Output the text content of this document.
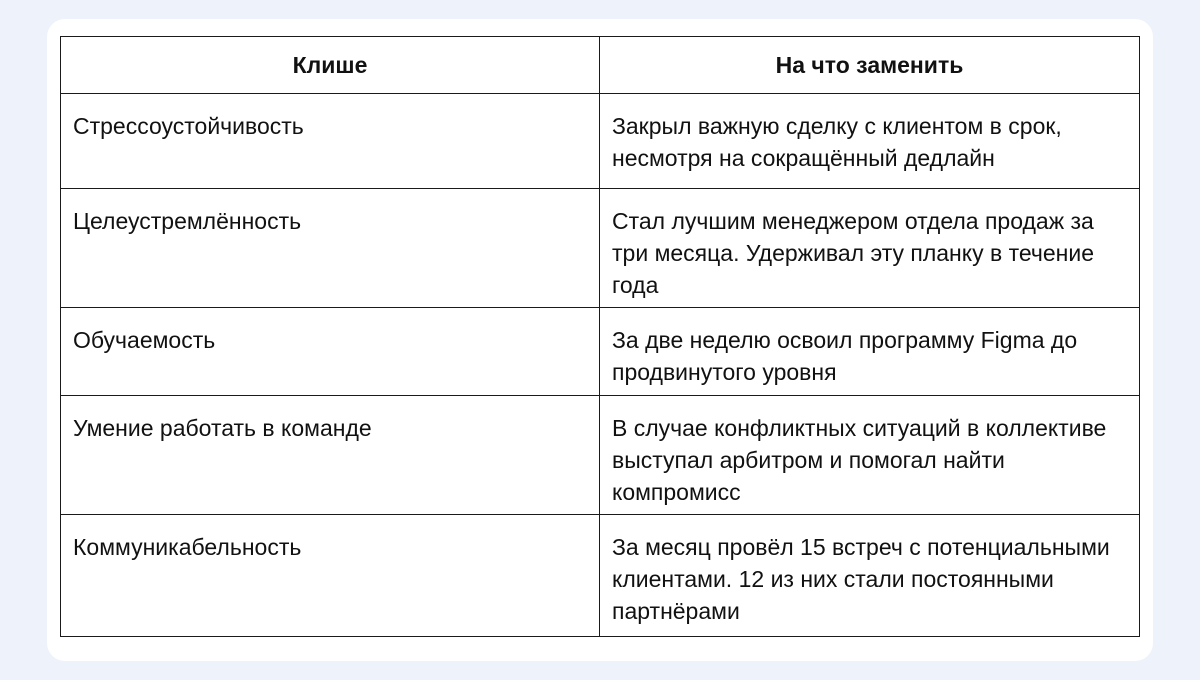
Клише	На что заменить
Стрессоустойчивость	Закрыл важную сделку с клиентом в срок, несмотря на сокращённый дедлайн
Целеустремлённость	Стал лучшим менеджером отдела продаж за три месяца. Удерживал эту планку в течение года
Обучаемость	За две неделю освоил программу Figma до продвинутого уровня
Умение работать в команде	В случае конфликтных ситуаций в коллективе выступал арбитром и помогал найти компромисс
Коммуникабельность	За месяц провёл 15 встреч с потенциальными клиентами. 12 из них стали постоянными партнёрами
